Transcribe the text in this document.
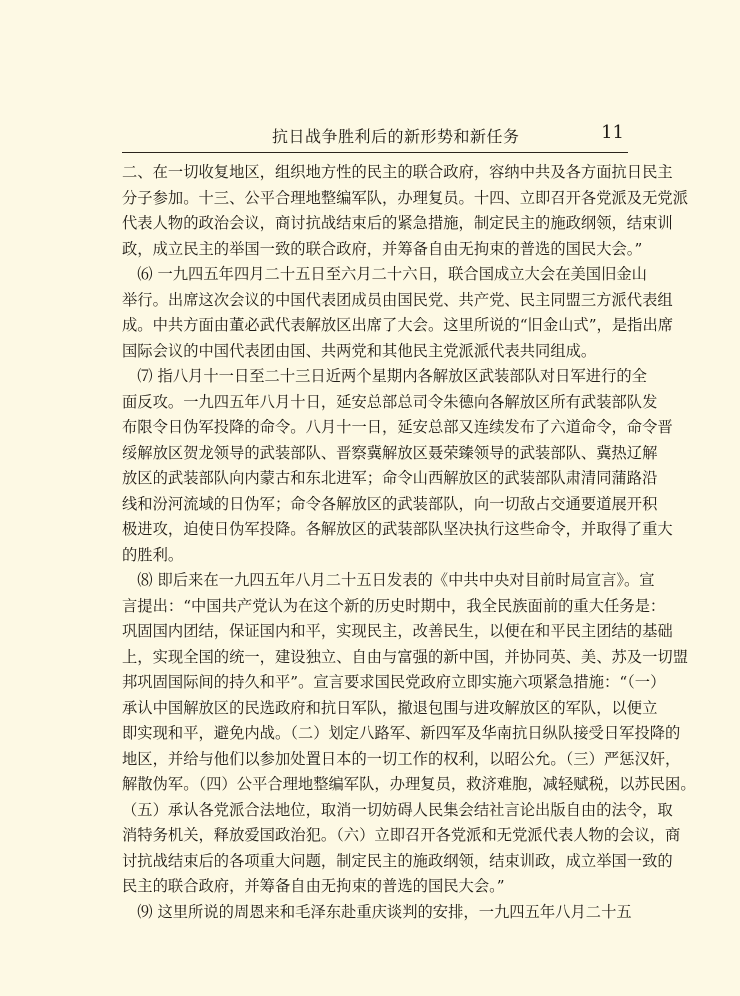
抗日战争胜利后的新形势和新任务	11
二、在一切收复地区，组织地方性的民主的联合政府，容纳中共及各方面抗日民主
分子参加。十三、公平合理地整编军队，办理复员。十四、立即召开各党派及无党派
代表人物的政治会议，商讨抗战结束后的紧急措施，制定民主的施政纲领，结束训
政，成立民主的举国一致的联合政府，并筹备自由无拘束的普选的国民大会。”
　⑹ 一九四五年四月二十五日至六月二十六日，联合国成立大会在美国旧金山
举行。出席这次会议的中国代表团成员由国民党、共产党、民主同盟三方派代表组
成。中共方面由董必武代表解放区出席了大会。这里所说的“旧金山式”，是指出席
国际会议的中国代表团由国、共两党和其他民主党派派代表共同组成。
　⑺ 指八月十一日至二十三日近两个星期内各解放区武装部队对日军进行的全
面反攻。一九四五年八月十日，延安总部总司令朱德向各解放区所有武装部队发
布限令日伪军投降的命令。八月十一日，延安总部又连续发布了六道命令，命令晋
绥解放区贺龙领导的武装部队、晋察冀解放区聂荣臻领导的武装部队、冀热辽解
放区的武装部队向内蒙古和东北进军；命令山西解放区的武装部队肃清同蒲路沿
线和汾河流域的日伪军；命令各解放区的武装部队，向一切敌占交通要道展开积
极进攻，迫使日伪军投降。各解放区的武装部队坚决执行这些命令，并取得了重大
的胜利。
　⑻ 即后来在一九四五年八月二十五日发表的《中共中央对目前时局宣言》。宣
言提出：“中国共产党认为在这个新的历史时期中，我全民族面前的重大任务是：
巩固国内团结，保证国内和平，实现民主，改善民生，以便在和平民主团结的基础
上，实现全国的统一，建设独立、自由与富强的新中国，并协同英、美、苏及一切盟
邦巩固国际间的持久和平”。宣言要求国民党政府立即实施六项紧急措施：“（一）
承认中国解放区的民选政府和抗日军队，撤退包围与进攻解放区的军队，以便立
即实现和平，避免内战。（二）划定八路军、新四军及华南抗日纵队接受日军投降的
地区，并给与他们以参加处置日本的一切工作的权利，以昭公允。（三）严惩汉奸，
解散伪军。（四）公平合理地整编军队，办理复员，救济难胞，减轻赋税，以苏民困。
（五）承认各党派合法地位，取消一切妨碍人民集会结社言论出版自由的法令，取
消特务机关，释放爱国政治犯。（六）立即召开各党派和无党派代表人物的会议，商
讨抗战结束后的各项重大问题，制定民主的施政纲领，结束训政，成立举国一致的
民主的联合政府，并筹备自由无拘束的普选的国民大会。”
　⑼ 这里所说的周恩来和毛泽东赴重庆谈判的安排，一九四五年八月二十五
